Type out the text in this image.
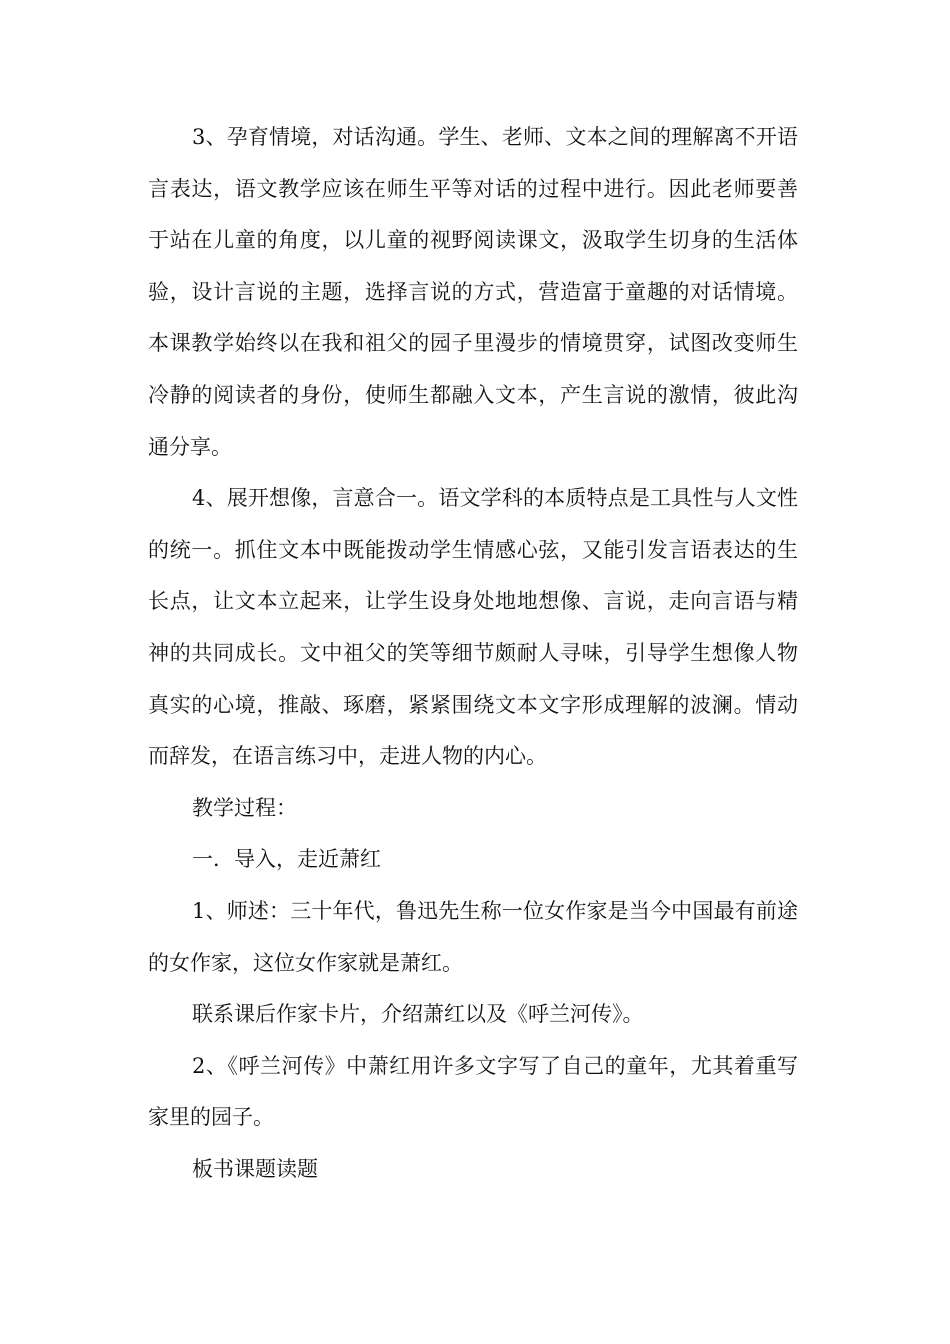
3、孕育情境，对话沟通。学生、老师、文本之间的理解离不开语言表达，语文教学应该在师生平等对话的过程中进行。因此老师要善于站在儿童的角度，以儿童的视野阅读课文，汲取学生切身的生活体验，设计言说的主题，选择言说的方式，营造富于童趣的对话情境。本课教学始终以在我和祖父的园子里漫步的情境贯穿，试图改变师生冷静的阅读者的身份，使师生都融入文本，产生言说的激情，彼此沟通分享。

4、展开想像，言意合一。语文学科的本质特点是工具性与人文性的统一。抓住文本中既能拨动学生情感心弦，又能引发言语表达的生长点，让文本立起来，让学生设身处地地想像、言说，走向言语与精神的共同成长。文中祖父的笑等细节颇耐人寻味，引导学生想像人物真实的心境，推敲、琢磨，紧紧围绕文本文字形成理解的波澜。情动而辞发，在语言练习中，走进人物的内心。

教学过程：

一．导入，走近萧红

1、师述：三十年代，鲁迅先生称一位女作家是当今中国最有前途的女作家，这位女作家就是萧红。

联系课后作家卡片，介绍萧红以及《呼兰河传》。

2、《呼兰河传》中萧红用许多文字写了自己的童年，尤其着重写家里的园子。

板书课题读题
